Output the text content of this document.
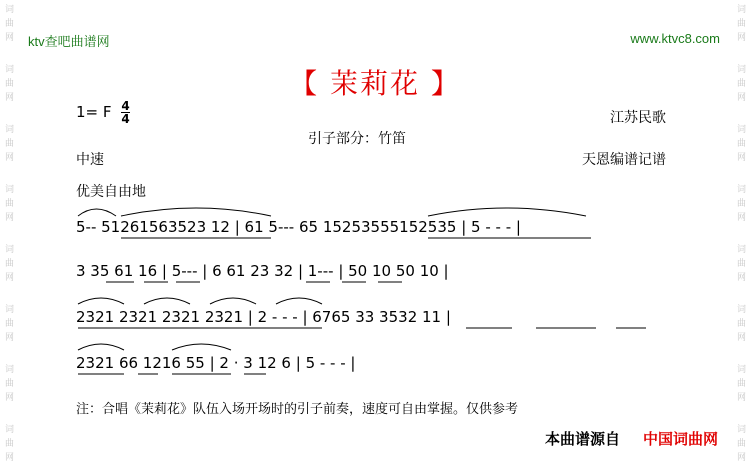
词
曲
网
词
曲
网
词
曲
网
词
曲
网
词
曲
网
词
曲
网
词
曲
网
词
曲
网
词
曲
网
词
曲
网
词
曲
网
词
曲
网
词
曲
网
词
曲
网
词
曲
网
词
曲
网
ktv查吧曲谱网	www.ktvc8.com
【 茉莉花 】
1= F 4
4	江苏民歌
引子部分：竹笛
中速	天恩编谱记谱
优美自由地
5-- 51261563523 12 | 61 5--- 65 15253555152535 | 5 - - - |
3 35 61 16 | 5--- | 6 61 23 32 | 1--- | 50 10 50 10 |
2321 2321 2321 2321 | 2 - - - | 6765 33 3532 11 |
2321 66 1216 55 | 2 · 3 12 6 | 5 - - - |
注：合唱《茉莉花》队伍入场开场时的引子前奏，速度可自由掌握。仅供参考
本曲谱源自 中国词曲网
